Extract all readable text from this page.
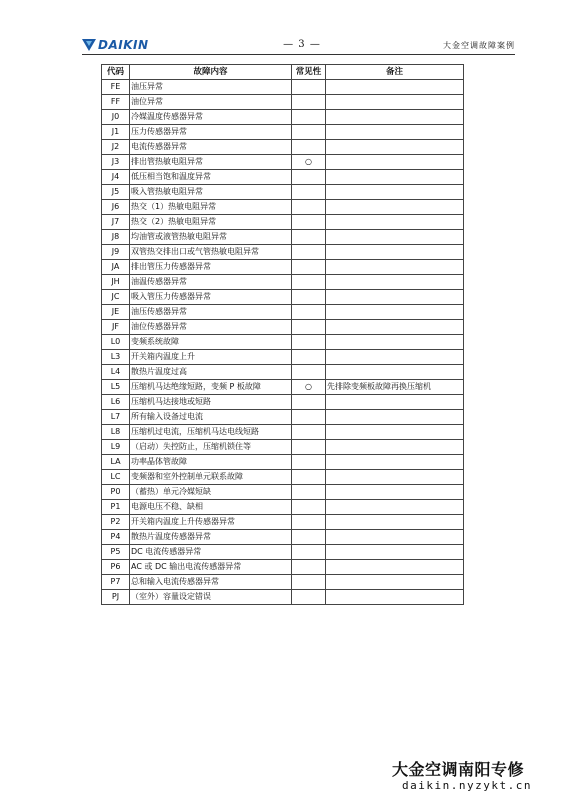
DAIKIN	— 3 —	大金空调故障案例
代码	故障内容	常见性	备注
FE	油压异常		
FF	油位异常		
J0	冷媒温度传感器异常		
J1	压力传感器异常		
J2	电流传感器异常		
J3	排出管热敏电阻异常	○	
J4	低压相当饱和温度异常		
J5	吸入管热敏电阻异常		
J6	热交（1）热敏电阻异常		
J7	热交（2）热敏电阻异常		
J8	均油管或液管热敏电阻异常		
J9	双管热交排出口或气管热敏电阻异常		
JA	排出管压力传感器异常		
JH	油温传感器异常		
JC	吸入管压力传感器异常		
JE	油压传感器异常		
JF	油位传感器异常		
L0	变频系统故障		
L3	开关箱内温度上升		
L4	散热片温度过高		
L5	压缩机马达绝缘短路，变频 P 板故障	○	先排除变频板故障再换压缩机
L6	压缩机马达接地或短路		
L7	所有输入设备过电流		
L8	压缩机过电流，压缩机马达电线短路		
L9	（启动）失控防止，压缩机锁住等		
LA	功率晶体管故障		
LC	变频器和室外控制单元联系故障		
P0	（蓄热）单元冷媒短缺		
P1	电源电压不稳、缺相		
P2	开关箱内温度上升传感器异常		
P4	散热片温度传感器异常		
P5	DC 电流传感器异常		
P6	AC 或 DC 输出电流传感器异常		
P7	总和输入电流传感器异常		
PJ	（室外）容量设定错误		
大金空调南阳专修
daikin.nyzykt.cn
